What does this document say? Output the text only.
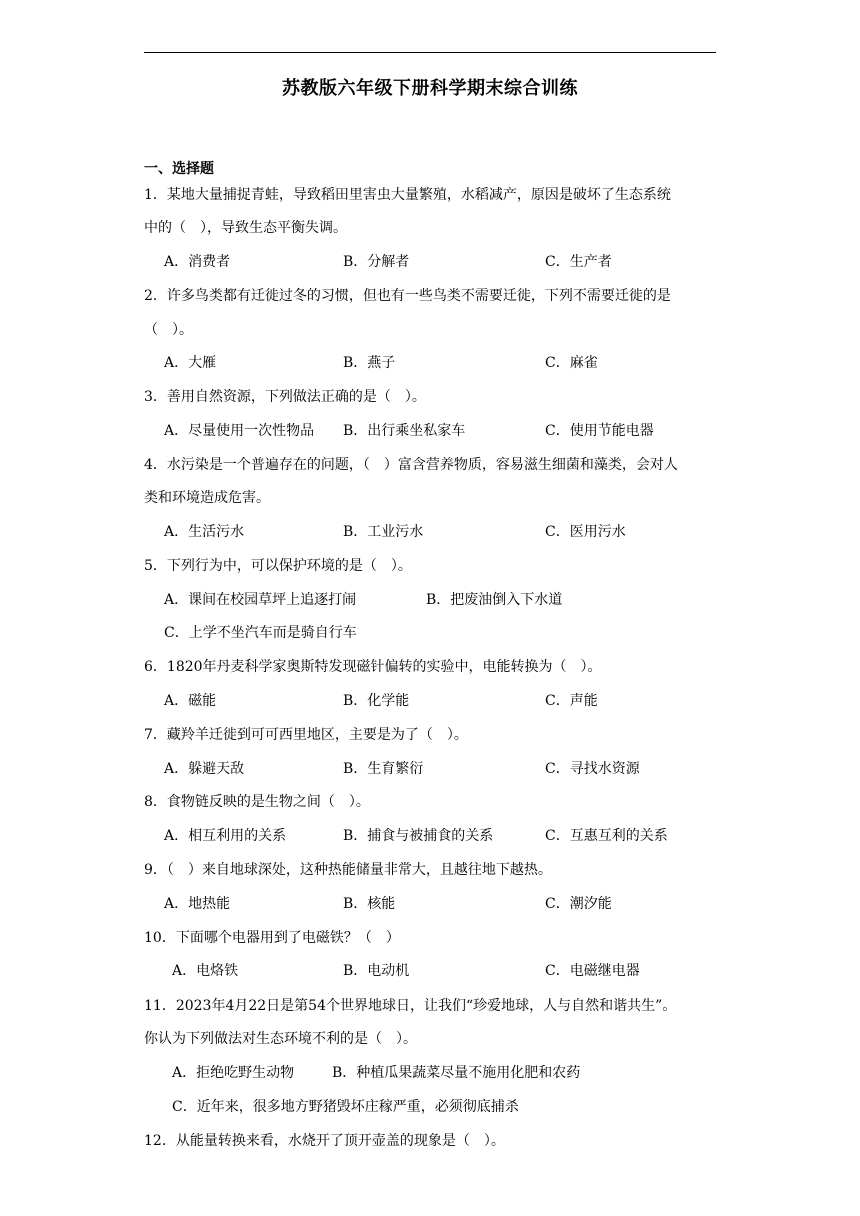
苏教版六年级下册科学期末综合训练
一、选择题
1．某地大量捕捉青蛙，导致稻田里害虫大量繁殖，水稻减产，原因是破坏了生态系统
中的（　），导致生态平衡失调。
A．消费者	B．分解者	C．生产者
2．许多鸟类都有迁徙过冬的习惯，但也有一些鸟类不需要迁徙，下列不需要迁徙的是
（　）。
A．大雁	B．燕子	C．麻雀
3．善用自然资源，下列做法正确的是（　）。
A．尽量使用一次性物品 B．出行乘坐私家车	C．使用节能电器
4．水污染是一个普遍存在的问题，（　）富含营养物质，容易滋生细菌和藻类，会对人
类和环境造成危害。
A．生活污水	B．工业污水	C．医用污水
5．下列行为中，可以保护环境的是（　）。
A．课间在校园草坪上追逐打闹	B．把废油倒入下水道
C．上学不坐汽车而是骑自行车
6．1820年丹麦科学家奥斯特发现磁针偏转的实验中，电能转换为（　）。
A．磁能	B．化学能	C．声能
7．藏羚羊迁徙到可可西里地区，主要是为了（　）。
A．躲避天敌	B．生育繁衍	C．寻找水资源
8．食物链反映的是生物之间（　）。
A．相互利用的关系	B．捕食与被捕食的关系	C．互惠互利的关系
9．（　）来自地球深处，这种热能储量非常大，且越往地下越热。
A．地热能	B．核能	C．潮汐能
10．下面哪个电器用到了电磁铁？（　）
A．电烙铁	B．电动机	C．电磁继电器
11．2023年4月22日是第54个世界地球日，让我们“珍爱地球，人与自然和谐共生”。
你认为下列做法对生态环境不利的是（　）。
A．拒绝吃野生动物	B．种植瓜果蔬菜尽量不施用化肥和农药
C．近年来，很多地方野猪毁坏庄稼严重，必须彻底捕杀
12．从能量转换来看，水烧开了顶开壶盖的现象是（　）。
